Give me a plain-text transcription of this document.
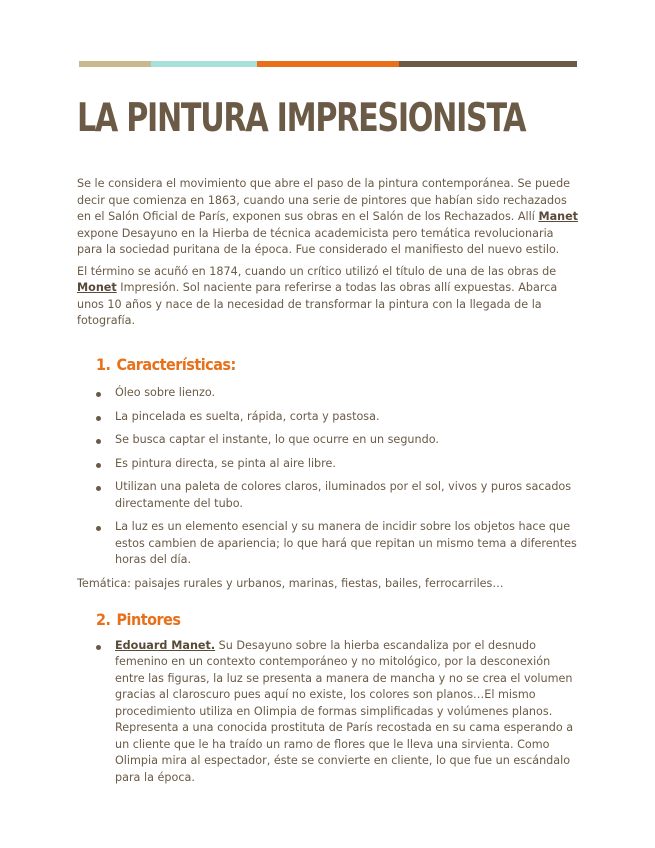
LA PINTURA IMPRESIONISTA

Se le considera el movimiento que abre el paso de la pintura contemporánea. Se puede decir que comienza en 1863, cuando una serie de pintores que habían sido rechazados en el Salón Oficial de París, exponen sus obras en el Salón de los Rechazados. Allí Manet expone Desayuno en la Hierba de técnica academicista pero temática revolucionaria para la sociedad puritana de la época. Fue considerado el manifiesto del nuevo estilo.

El término se acuñó en 1874, cuando un crítico utilizó el título de una de las obras de Monet Impresión. Sol naciente para referirse a todas las obras allí expuestas. Abarca unos 10 años y nace de la necesidad de transformar la pintura con la llegada de la fotografía.

1. Características:
Óleo sobre lienzo.
La pincelada es suelta, rápida, corta y pastosa.
Se busca captar el instante, lo que ocurre en un segundo.
Es pintura directa, se pinta al aire libre.
Utilizan una paleta de colores claros, iluminados por el sol, vivos y puros sacados directamente del tubo.
La luz es un elemento esencial y su manera de incidir sobre los objetos hace que estos cambien de apariencia; lo que hará que repitan un mismo tema a diferentes horas del día.

Temática: paisajes rurales y urbanos, marinas, fiestas, bailes, ferrocarriles…

2. Pintores
Edouard Manet. Su Desayuno sobre la hierba escandaliza por el desnudo femenino en un contexto contemporáneo y no mitológico, por la desconexión entre las figuras, la luz se presenta a manera de mancha y no se crea el volumen gracias al claroscuro pues aquí no existe, los colores son planos…El mismo procedimiento utiliza en Olimpia de formas simplificadas y volúmenes planos. Representa a una conocida prostituta de París recostada en su cama esperando a un cliente que le ha traído un ramo de flores que le lleva una sirvienta. Como Olimpia mira al espectador, éste se convierte en cliente, lo que fue un escándalo para la época.
